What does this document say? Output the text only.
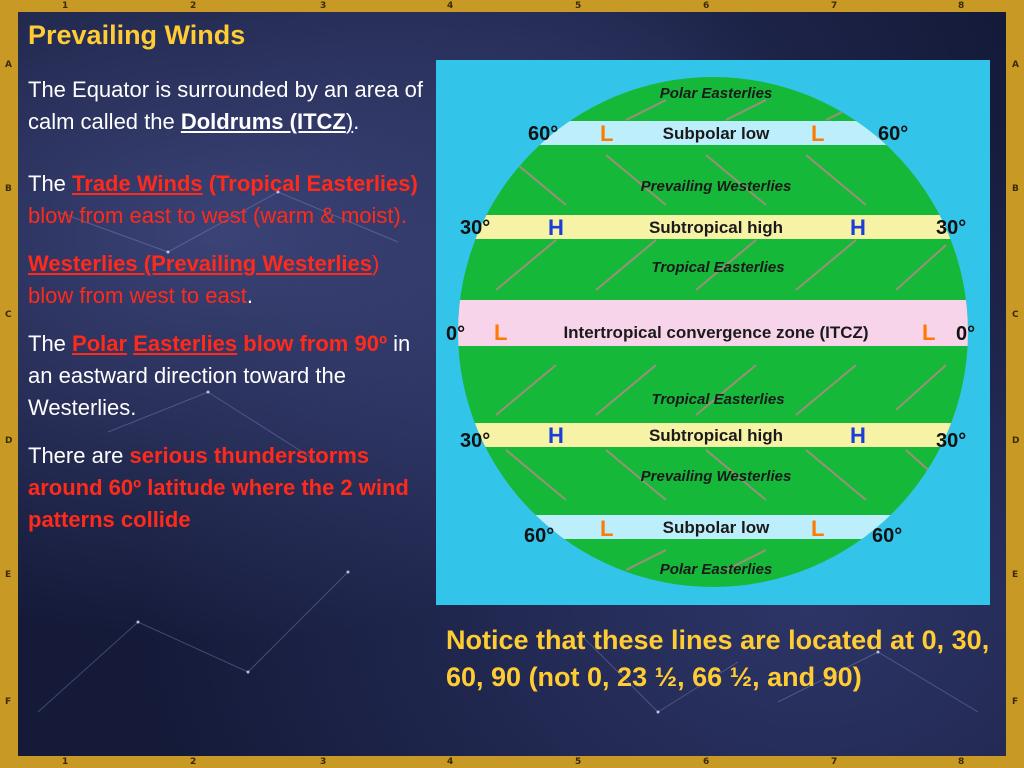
1	2	3	4	5	6	7	8
1	2	3	4	5	6	7	8
A
B
C
D
E
F
A
B
C
D
E
F
Prevailing Winds

The Equator is surrounded by an area of calm called the Doldrums (ITCZ).

The Trade Winds (Tropical Easterlies) blow from east to west (warm & moist).

Westerlies (Prevailing Westerlies) blow from west to east.

The Polar Easterlies blow from 90º in an eastward direction toward the Westerlies.

There are serious thunderstorms around 60º latitude where the 2 wind patterns collide

Polar Easterlies
Subpolar low
Prevailing Westerlies
Subtropical high
Tropical Easterlies
Intertropical convergence zone (ITCZ)
Tropical Easterlies
Subtropical high
Prevailing Westerlies
Subpolar low
Polar Easterlies
60°	60°
30°	30°
0°	0°
30°	30°
60°	60°
L	L
H	H
L	L
H	H
L	L
Notice that these lines are located at 0, 30, 60, 90 (not 0, 23 ½, 66 ½, and 90)
